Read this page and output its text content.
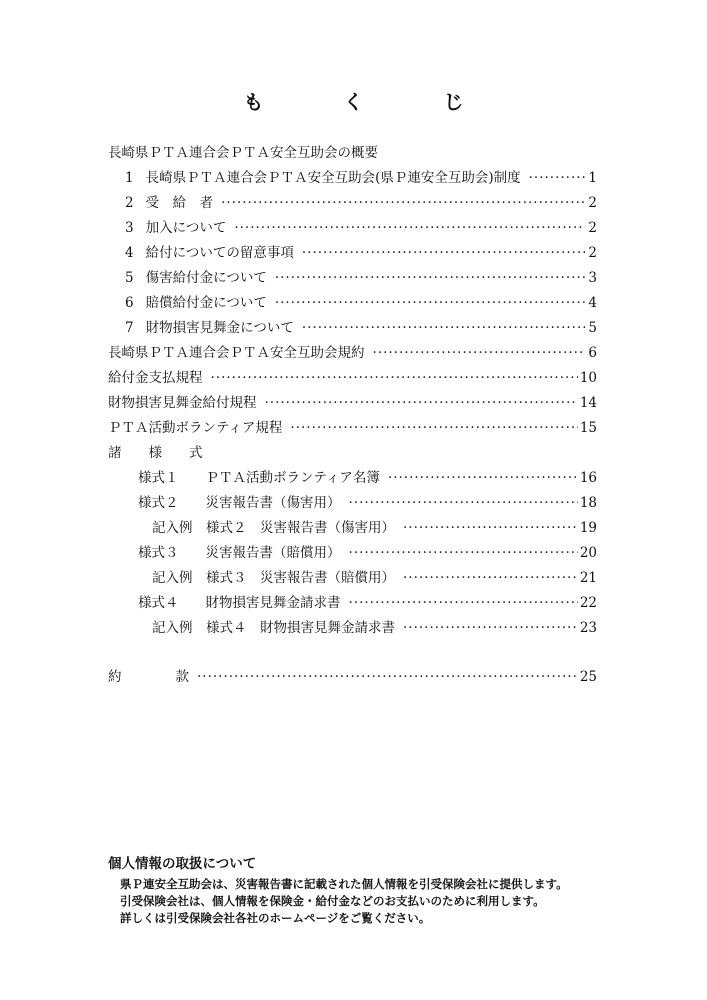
も　く　じ
長崎県ＰＴＡ連合会ＰＴＡ安全互助会の概要
1 長崎県ＰＴＡ連合会ＰＴＡ安全互助会(県Ｐ連安全互助会)制度 ·····	1
2 受　給　者 ·····	2
3 加入について ·····	2
4 給付についての留意事項 ·····	2
5 傷害給付金について ·····	3
6 賠償給付金について ·····	4
7 財物損害見舞金について ·····	5
長崎県ＰＴＡ連合会ＰＴＡ安全互助会規約 ·····	6
給付金支払規程 ·····	10
財物損害見舞金給付規程 ·····	14
ＰＴＡ活動ボランティア規程 ·····	15
諸　　様　　式
様式１　　ＰＴＡ活動ボランティア名簿 ·····	16
様式２　　災害報告書（傷害用） ·····	18
記入例　様式２　災害報告書（傷害用） ·····	19
様式３　　災害報告書（賠償用） ·····	20
記入例　様式３　災害報告書（賠償用） ·····	21
様式４　　財物損害見舞金請求書 ·····	22
記入例　様式４　財物損害見舞金請求書 ·····	23
約　　　　款 ·····	25
個人情報の取扱について
県Ｐ連安全互助会は、災害報告書に記載された個人情報を引受保険会社に提供します。
引受保険会社は、個人情報を保険金・給付金などのお支払いのために利用します。
詳しくは引受保険会社各社のホームページをご覧ください。
